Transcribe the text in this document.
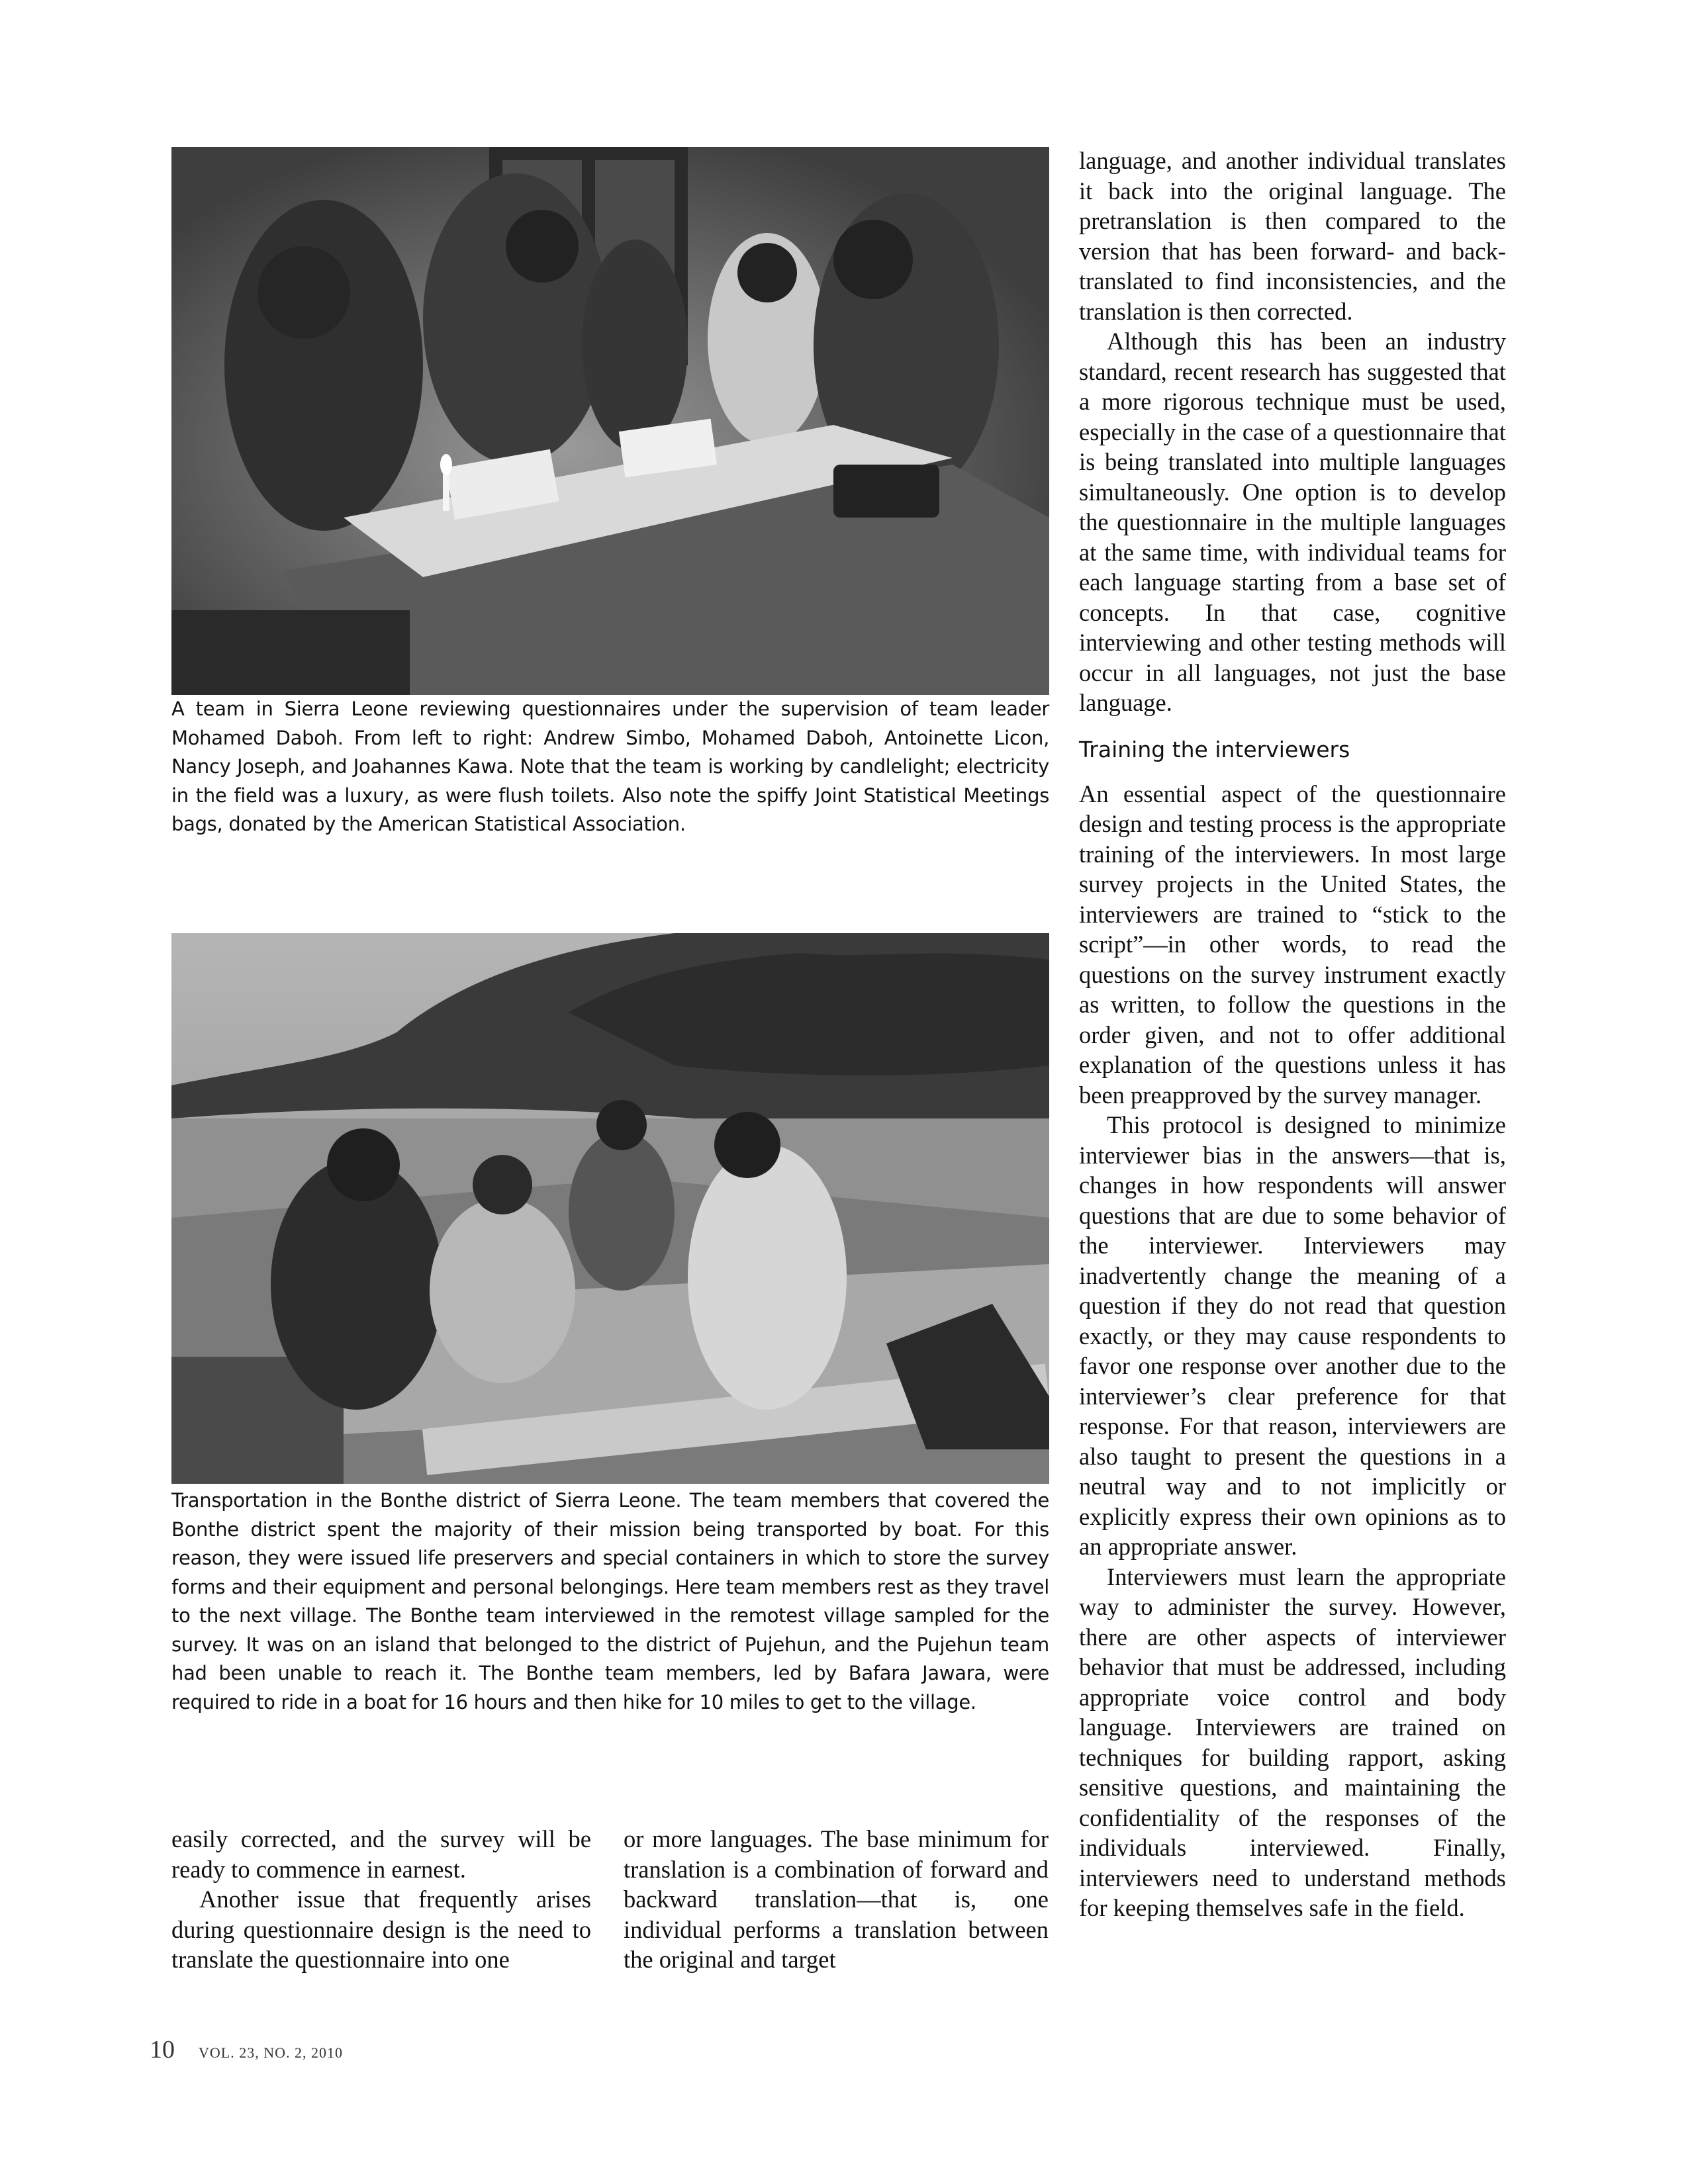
A team in Sierra Leone reviewing questionnaires under the supervision of team leader Mohamed Daboh. From left to right: Andrew Simbo, Mohamed Daboh, Antoinette Licon, Nancy Joseph, and Joahannes Kawa. Note that the team is working by candlelight; electricity in the field was a luxury, as were flush toilets. Also note the spiffy Joint Statistical Meetings bags, donated by the American Statistical Association.
Transportation in the Bonthe district of Sierra Leone. The team members that covered the Bonthe district spent the majority of their mission being transported by boat. For this reason, they were issued life preservers and special containers in which to store the survey forms and their equipment and personal belongings. Here team members rest as they travel to the next village. The Bonthe team interviewed in the remotest village sampled for the survey. It was on an island that belonged to the district of Pujehun, and the Pujehun team had been unable to reach it. The Bonthe team members, led by Bafara Jawara, were required to ride in a boat for 16 hours and then hike for 10 miles to get to the village.

easily corrected, and the survey will be ready to commence in earnest.

Another issue that frequently arises during questionnaire design is the need to translate the questionnaire into one

or more languages. The base minimum for translation is a combination of forward and backward translation—that is, one individual performs a translation between the original and target

language, and another individual translates it back into the original language. The pretranslation is then compared to the version that has been forward- and back-translated to find inconsistencies, and the translation is then corrected.

Although this has been an industry standard, recent research has suggested that a more rigorous technique must be used, especially in the case of a questionnaire that is being translated into multiple languages simultaneously. One option is to develop the questionnaire in the multiple languages at the same time, with individual teams for each language starting from a base set of concepts. In that case, cognitive interviewing and other testing methods will occur in all languages, not just the base language.

Training the interviewers

An essential aspect of the questionnaire design and testing process is the appropriate training of the interviewers. In most large survey projects in the United States, the interviewers are trained to “stick to the script”—in other words, to read the questions on the survey instrument exactly as written, to follow the questions in the order given, and not to offer additional explanation of the questions unless it has been preapproved by the survey manager.

This protocol is designed to minimize interviewer bias in the answers—that is, changes in how respondents will answer questions that are due to some behavior of the interviewer. Interviewers may inadvertently change the meaning of a question if they do not read that question exactly, or they may cause respondents to favor one response over another due to the interviewer’s clear preference for that response. For that reason, interviewers are also taught to present the questions in a neutral way and to not implicitly or explicitly express their own opinions as to an appropriate answer.

Interviewers must learn the appropriate way to administer the survey. However, there are other aspects of interviewer behavior that must be addressed, including appropriate voice control and body language. Interviewers are trained on techniques for building rapport, asking sensitive questions, and maintaining the confidentiality of the responses of the individuals interviewed. Finally, interviewers need to understand methods for keeping themselves safe in the field.

10 VOL. 23, NO. 2, 2010
